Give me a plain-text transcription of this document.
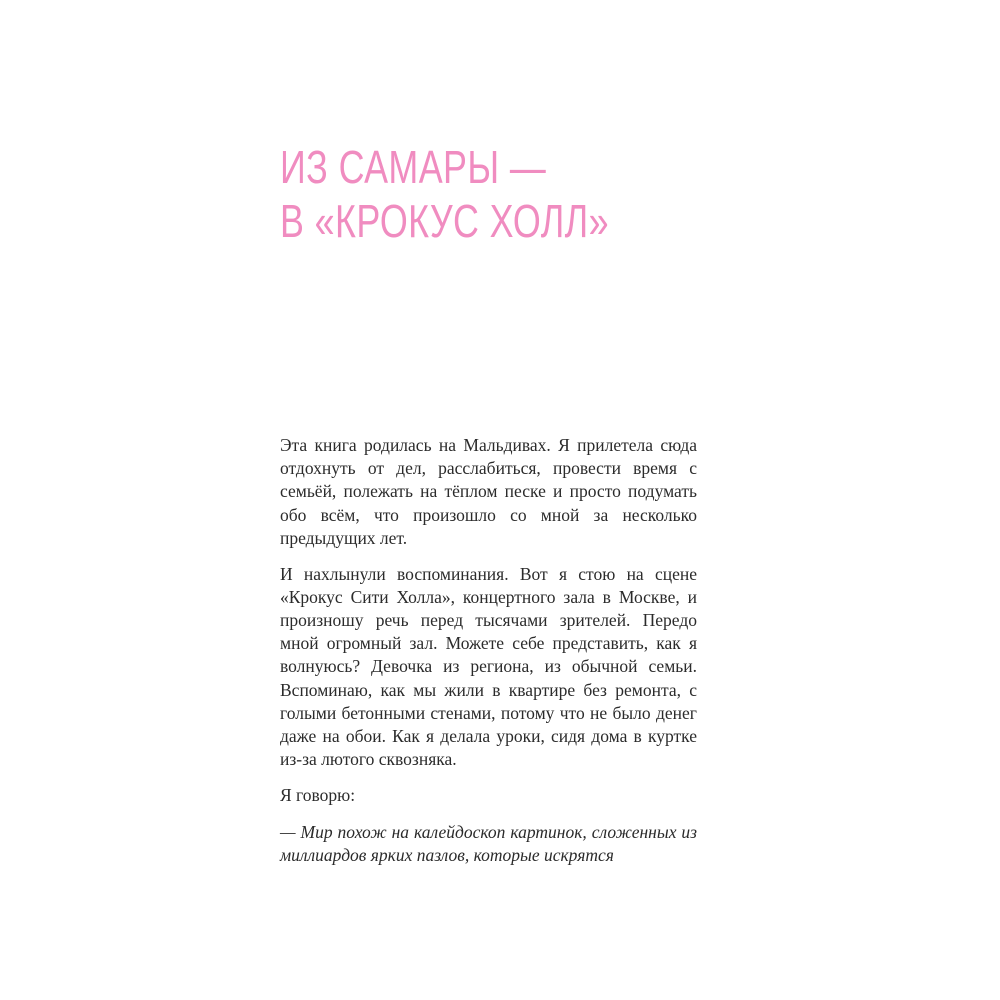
ИЗ САМАРЫ —
В «КРОКУС ХОЛЛ»

Эта книга родилась на Мальдивах. Я прилетела сюда отдохнуть от дел, расслабиться, провести время с семьёй, полежать на тёплом песке и просто подумать обо всём, что произошло со мной за несколько предыдущих лет.

И нахлынули воспоминания. Вот я стою на сцене «Крокус Сити Холла», концертного зала в Москве, и произношу речь перед тысячами зрителей. Передо мной огромный зал. Можете себе представить, как я волнуюсь? Девочка из региона, из обычной семьи. Вспоминаю, как мы жили в квартире без ремонта, с голыми бетонными стенами, потому что не было денег даже на обои. Как я делала уроки, сидя дома в куртке из-за лютого сквозняка.

Я говорю:

— Мир похож на калейдоскоп картинок, сложенных из миллиардов ярких пазлов, которые искрятся
